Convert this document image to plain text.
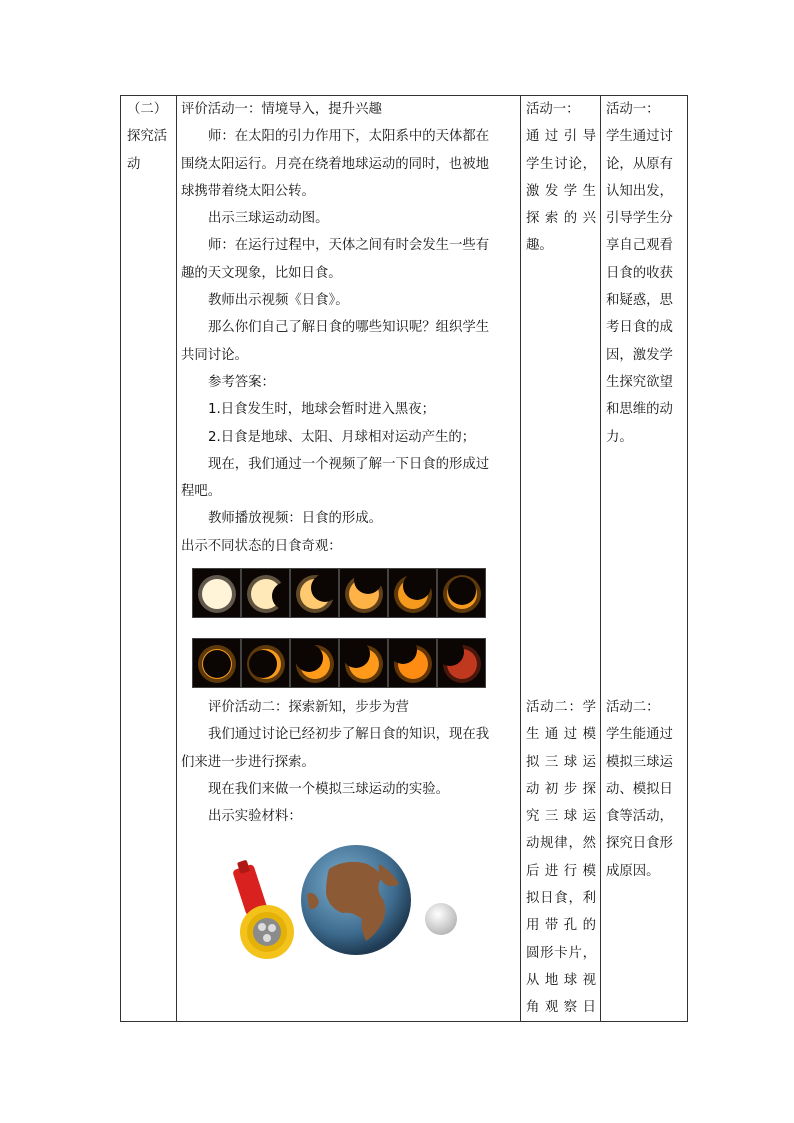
（二）

探究活

动

评价活动一：情境导入，提升兴趣

师：在太阳的引力作用下，太阳系中的天体都在

围绕太阳运行。月亮在绕着地球运动的同时，也被地

球携带着绕太阳公转。

出示三球运动动图。

师：在运行过程中，天体之间有时会发生一些有

趣的天文现象，比如日食。

教师出示视频《日食》。

那么你们自己了解日食的哪些知识呢？组织学生

共同讨论。

参考答案：

1.日食发生时，地球会暂时进入黑夜；

2.日食是地球、太阳、月球相对运动产生的；

现在，我们通过一个视频了解一下日食的形成过

程吧。

教师播放视频：日食的形成。

出示不同状态的日食奇观：

评价活动二：探索新知，步步为营

我们通过讨论已经初步了解日食的知识，现在我

们来进一步进行探索。

现在我们来做一个模拟三球运动的实验。

出示实验材料：

活动一：

通过引导

学生讨论，

激发学生

探索的兴

趣。

活动二：学

生通过模

拟三球运

动初步探

究三球运

动规律，然

后进行模

拟日食，利

用带孔的

圆形卡片，

从地球视

角观察日

活动一：

学生通过讨

论，从原有

认知出发，

引导学生分

享自己观看

日食的收获

和疑惑，思

考日食的成

因，激发学

生探究欲望

和思维的动

力。

活动二：

学生能通过

模拟三球运

动、模拟日

食等活动，

探究日食形

成原因。
